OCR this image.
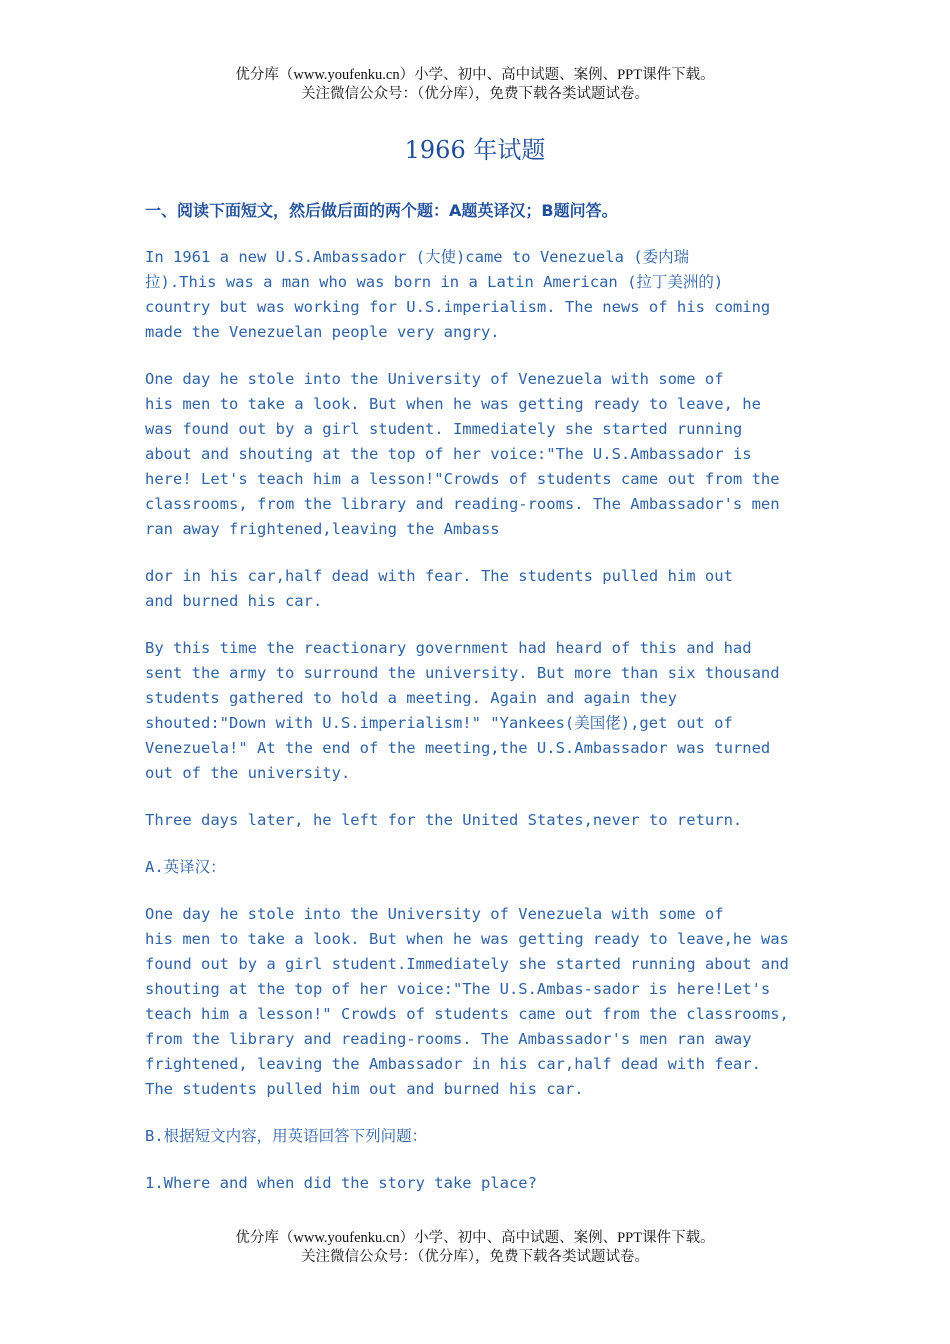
优分库（www.youfenku.cn）小学、初中、高中试题、案例、PPT课件下载。
关注微信公众号：（优分库），免费下载各类试题试卷。
1966 年试题
一、阅读下面短文，然后做后面的两个题：A题英译汉；B题问答。
In 1961 a new U.S.Ambassador (大使)came to Venezuela (委内瑞
拉).This was a man who was born in a Latin American (拉丁美洲的)
country but was working for U.S.imperialism. The news of his coming
made the Venezuelan people very angry.
One day he stole into the University of Venezuela with some of
his men to take a look. But when he was getting ready to leave, he
was found out by a girl student. Immediately she started running
about and shouting at the top of her voice:"The U.S.Ambassador is
here! Let's teach him a lesson!"Crowds of students came out from the
classrooms, from the library and reading-rooms. The Ambassador's men
ran away frightened,leaving the Ambass
dor in his car,half dead with fear. The students pulled him out
and burned his car.
By this time the reactionary government had heard of this and had
sent the army to surround the university. But more than six thousand
students gathered to hold a meeting. Again and again they
shouted:"Down with U.S.imperialism!" "Yankees(美国佬),get out of
Venezuela!" At the end of the meeting,the U.S.Ambassador was turned
out of the university.
Three days later, he left for the United States,never to return.
A.英译汉：
One day he stole into the University of Venezuela with some of
his men to take a look. But when he was getting ready to leave,he was
found out by a girl student.Immediately she started running about and
shouting at the top of her voice:"The U.S.Ambas-sador is here!Let's
teach him a lesson!" Crowds of students came out from the classrooms,
from the library and reading-rooms. The Ambassador's men ran away
frightened, leaving the Ambassador in his car,half dead with fear.
The students pulled him out and burned his car.
B.根据短文内容，用英语回答下列问题：
1.Where and when did the story take place?
优分库（www.youfenku.cn）小学、初中、高中试题、案例、PPT课件下载。
关注微信公众号：（优分库），免费下载各类试题试卷。
